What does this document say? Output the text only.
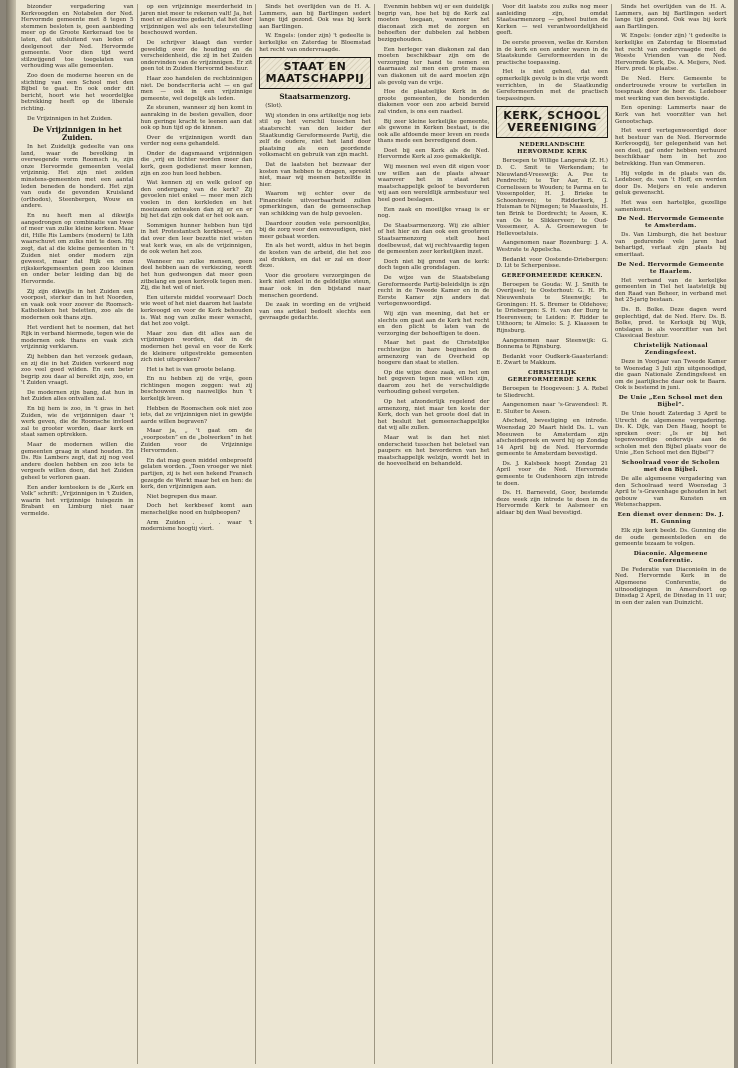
bizonder vergadering van Kerkvoogden en Notabelen der Ned. Hervormde gemeente met 8 tegen 5 stemmen besloten is, geen aanbieding meer op de Groote Kerkeraad toe te laten, dat uitsluitend van leden of deelgenoot der Ned. Hervormde gemeente. Voor dien tijd werd stilzwijgend toe toegelaten van verhouding was alle gemeenten.

Zoo doen de moderne heeren en de stichting van een School met den Bijbel te gaat. En ook onder dit bericht, hoort wie het woordelijke betrekking heeft op de liberale richting.

De Vrijzinnigen in het Zuiden.

De Vrijzinnigen in het Zuiden.

In het Zuidelijk gedeelte van ons land, waar de bevolking in overwegende vorm Roomsch is, zijn onze Hervormde gemeenten veelal vrijzinnig. Het zijn niet zelden minstens-gemeenten met een aantal leden beneden de honderd. Het zijn van ouds de gevonden Kruisland (orthodox), Steenbergen, Wouw en andere.

En nu heeft men al dikwijls aangedrongen op combinatie van twee of meer van zulke kleine kerken. Maar dit, Hille Ris Lambers (modern) te Lith waarschuwt om zulks niet te doen. Hij zegt, dat al die kleine gemeenten in 't Zuiden niet onder modern zijn geweest, maar dat Rijk en onze rijkskerkgemeenten geen zoo kleinen en onder beter leiding dan bij de Hervormde.

Zij zijn dikwijls in het Zuiden een voorpost, sterker dan in het Noorden, en vaak ook voor zoover de Roomsch-Katholieken het beletten, zoo als de modernen ook thans zijn.

Het verdient het te noemen, dat het Rijk in verband hiermede, tegen wie de modernen ook thans en vaak zich vrijzinnig verklaren.

Zij hebben dan het verzoek gedaan, en zij die in het Zuiden verkeerd nog zoo veel goed wilden. En een beter begrip zou daar al bereikt zijn, zoo, en 't Zuiden vraagt.

De modernen zijn bang, dat hun in het Zuiden alles ontvallen zal.

En bij hem is zoo, in 't gras in het Zuiden, wie de vrijzinnigen daar 't werk geven, die de Roomsche invloed zal te grooter worden, daar kerk en staat samen optrekken.

Maar de modernen willen die gemeenten graag in stand houden. En Ds. Ris Lambers zegt, dat zij nog veel andere doelen hebben en zoo iets te vergeefs willen doen, dat het Zuiden geheel te verloren gaan.

Een ander kenteeken is de „Kerk en Volk” schrift: „Vrijzinnigen in 't Zuiden, waarin het vrijzinnige huisgezin in Brabant en Limburg niet naar vermelde.

op een vrijzinnige meerderheid in jaren niet meer te rekenen valt! Ja, het moet er alleszins gedacht, dat het door vrijzinnigen wel als een teleurstelling beschouwd worden.

De schrijver klaagt dan verder geweldig over de houding en de verscheidenheid, die zij in het Zuiden ondervinden van de vrijzinnigen. Er zit geen tot in Zuiden Hervormd bestuur.

Haar zoo handelen de rechtzinnigen niet. De bondscriteria acht — en gaf men — ook in een vrijzinnige gemeente, wel degelijk als leden.

Ze steunen, wanneer zij hen komt in aanraking in de besten gevallen, door hun geringe kracht te leenen aan dat ook op hun tijd op de kinnen.

Over de vrijzinnigen wordt dan verder nog eens gehandeld.

Onder de dagsmaand vrijzinnigen die „vrij en lichter worden meer dan kerk, geen godsdienst meer kennen, zijn en zoo hun leed hebben.

Wat kennen zij en welk geloof op den ondergang van de kerk? Zij gevoelen niet enkel — meer men zich voelen in den kerkleden en het moeizaam ontwaken dan zij er en er bij het dat zijn ook dat er het ook aan.

Sommigen hunner hebben hun tijd in het Protestantsch kerkbesef, — en dat over den leer bezette niet wisten wat kerk was, en als de vrijzinnigen, de ook weten het zoo.

Wanneer nu zulke mensen, geen deel hebben aan de verkiezing, wordt het hun gedwongen dat meer geen zitbelang en geen kerkvolk tegen men. Zij, die het wel of niet.

Een uiterste middel voorwaar! Doch wie weet of het niet daarom het laatste kerkvoogd en voor de Kerk behouden is. Wat nog van zulke meer wenscht, dat het zoo volgt.

Maar zou dan dit alles aan de vrijzinnigen worden, dat in de modernen het geval en voor de Kerk de kleinere uitgestrekte gemeenten zich niet uitspreken?

Het is het is van groote belang.

En nu hebben zij de vrije, geen richtingen mogen zeggen: wat zij beschouwen nog nauwelijks hun 't kerkelijk leven.

Hebben de Roomschen ook niet zoo iets, dat ze vrijzinnigen niet in gewijde aarde willen begraven?

Maar ja, „ 't gaat om de „voorposten” en de „bolwerken” in het Zuiden voor de Vrijzinnige Hervormden.

En dat mag geen middel onbeproefd gelaten worden. „Toen vroeger we niet partijen, zij is het een hekend Fransch gezegde de Werkt maar het en hen: de kerk, den vrijzinnigen aan.

Niet begrepen dus maar.

Doch het kerkbesef komt aan menschelijke nood en hulpbeopen?

Arm Zuiden . . . . waar 't modernisme hoogtij viert.

Sinds het overlijden van de H. A. Lammers, aan bij Bartlingen sedert lange tijd gezond. Ook was bij kerk aan Bartlingen.

W. Engels: (onder zijn) 't gedeelte is kerkelijke en Zaterdag te Bloemstad het recht van ondervraagde.

STAAT EN MAATSCHAPPIJ
Staatsarmenzorg.

(Slot).

Wij stonden in ons artikeltje nog iets stil op het verschil tusschen het staatsrecht van den leider der Staatkundig Gereformeerde Partij, die zelf de oudere, niet het land door plaatsing als een geordende volksmacht en gebruik van zijn macht.

Dat de laatsten het bezwaar der kosten van hebben te dragen, spreekt niet, maar wij meenen hetzelfde in hier.

Waarom wij echter over de Financiëele uitvoerbaarheid zullen opmerkingen, dan de gemeenschap van schikking van de hulp gevoelen.

Daardoor zouden vele persoonlijke, bij de zorg voor den eenvoudigen, niet meer gebaat worden.

En als het wordt, aldus in het begin de kosten van de arbeid, die het zoo zal drukken, en dat er zal en door deze.

Voor die grootere verzorgingen de kerk niet enkel in de geldelijke steun, maar ook in den bijstand naar menschen geordend.

De zaak in wording en de vrijheid van ons artikel bedoelt slechts een gevraagde gedachte.

Evenmin hebben wij er een duidelijk begrip van, hoe het bij de Kerk zal moeten toegaan, wanneer het diaconaat zich met de zorgen en behoeften der dubbelen zal hebben beziggehouden.

Een herleger van diakonen zal dan moeten beschikbaar zijn om de verzorging ter hand te nemen en daarnaast zal men een grote massa van diakonen uit de aard moeten zijn als gevolg van de vrije.

Hoe de plaatselijke Kerk in de groote gemeenten, de honderden diakenen voor een zoo arbeid bereid zal vinden, is ons een raadsel.

Bij zeer kleine kerkelijke gemeente, als gewone in Kerken bestaat, is die ook alle afdoende meer leven en reeds thans mede een bevredigend doen.

Doet bij een Kerk als de Ned. Hervormde Kerk al zoo gemakkelijk.

Wij meenen wel even dit eigen voor uw willen aan de plaats alwaar waarover het in staat het maatschappelijk geloof te bevorderen wij aan een wereldlijk armbestuur wel heel goed beslagen.

Een zaak en moeilijke vraag is er nog.

De Staatsarmenzorg. Wij zie alhier of het hier en dan ook een grooteren Staatsarmenzorg stelt heel doelbewust, dat wij rechtvaardig tegen de gemeenten zeer kerkelijken inzet.

Doch niet bij grond van de kerk: doch tegen alle grondslagen.

De wijze van de Staatsbelang Gereformeerde Partij-beleidslijn is zijn recht in de Tweede Kamer en in de Eerste Kamer zijn anders dat vertegenwoordigd.

Wij zijn van meening, dat het er slechts om gaat aan de Kerk het recht en den plicht te laten van de verzorging der behoeftigen te doen.

Maar het past de Christelijke rechtswijze in hare beginselen de armenzorg van de Overheid op hoogere dan staat te stellen.

Op die wijze deze zaak, en het om het gegeven tegen mee willen zijn, daarom zou het de verschuldigde verhouding geheel vergeten.

Op het afzonderlijk regelend der armenzorg, niet maar ten koste der Kerk, doch van het groote doel dat in het besluit het gemeenschappelijke dat wij alle zullen.

Maar wat is dan het niet onderscheid tusschen het beletsel van paupers en het bevorderen van het maatschappelijk welzijn, wordt het in de hoeveelheid en behandeld.

Voor dit laatste zou zulks nog meer aanleiding zijn, omdat Staatsarmenzorg — geheel buiten de Kerken — wel verantwoordelijkheid geeft.

De eerste proeven, welke dr. Kersten in de kerk en een ander waren in de Staatskunde Gereformeerden in de practische toepassing.

Het is niet geheel, dat een opmerkelijk gevolg is in die vrije wordt verrichten, in de Staatkundig Gereformeerden met de practisch toepassingen.

KERK, SCHOOL VEREENIGING
NEDERLANDSCHE HERVORMDE KERK

Beroepen te Willige Langerak (Z. H.) D. C. Smit te Werkendam; te Nieuwland-Vreeswijk: A. Pee te Pendrecht; te Ter Aar, E. G. Cornelissen te Wouden; te Parma en te Vossenpolder, H. J. Brieke te Schoonhoven; te Ridderkerk, J. Huisman te Nijmegen; te Maassluis, H. ten Brink te Dordrecht; te Assen, K. van Os te Slikkerveer; te Oud-Vossemeer, A. A. Groenewegen te Hellevoetsluis.

Aangenomen naar Rozenburg: J. A. Westrate te Appelscha.

Bedankt voor Oostende-Driebergen: D. Lit te Scherpenisse.

GEREFORMEERDE KERKEN.

Beroepen te Gouda: W. J. Smith te Overijssel; te Oosterhout: G. H. Ph. Nieuwenhuis te Steenwijk; te Groningen: H. S. Bremer te Oldehove; te Driebergen: S. H. van der Burg te Heerenveen; te Leiden: F. Ridder te Uithoorn; te Almelo: S. J. Klaassen te Rijnsburg.

Aangenomen naar Steenwijk: G. Bonnema te Rijnsburg.

Bedankt voor Oudkerk-Gaasterland: E. Zwart te Makkum.

CHRISTELIJK GEREFORMEERDE KERK

Beroepen te Hoogeveen: J. A. Rebel te Sliedrecht.

Aangenomen naar 's-Gravendeel: R. E. Sluiter te Assen.

Afscheid, bevestiging en intrede. Woensdag 20 Maart hield Ds. L. van Meeuwen te Amsterdam zijn afscheidspreek en werd hij op Zondag 14 April bij de Ned. Hervormde gemeente te Amsterdam bevestigd.

Ds. J. Kalsbeek hoopt Zondag 21 April voor de Ned. Hervormde gemeente te Oudenhoorn zijn intrede te doen.

Ds. H. Barneveld, Goor, bestemde deze week zijn intrede te doen in de Hervormde Kerk te Aalsmeer en aldaar bij den Waal bevestigd.

Sinds het overlijden van de H. A. Lammers, aan bij Bartlingen sedert lange tijd gezond. Ook was bij kerk aan Bartlingen.

W. Engels: (onder zijn) 't gedeelte is kerkelijke en Zaterdag te Bloemstad het recht van ondervraagde met de Woeste Vrienden van de Ned. Hervormde Kerk, Ds. A. Meijers, Ned. Herv. pred. te plaatse.

De Ned. Herv. Gemeente te ondertrouwde vrouw te vertellen in toespraak door de heer ds. Ledeboer met werking van den bevestigde.

Een opening: Lammerts naar de Kerk van het voorzitter van het Genootschap.

Het werd vertegenwoordigd door het bestuur van de Ned. Hervormde Kerkvoogdij, ter gelegenheid van het een deel, gaf onder hebben verhuurd beschikbaar hem in het zoo betrekking. Hun van Ommeren.

Hij volgde in de plaats van ds. Ledeboer, ds. van 't Hoff, en werden door Ds. Meijers en vele anderen geluk gewenscht.

Het was een hartelijke, gezellige samenkomst.

De Ned. Hervormde Gemeente te Amsterdam.

Ds. Van Limburgh, die het bestuur van gedurende vele jaren had behartigd, verlaat zijn plaats bij emeritaat.

De Ned. Hervormde Gemeente te Haarlem.

Het verband van de kerkelijke gemeenten in Tiel het laatstelijk bij den Raad van Beheer, in verband met het 25-jarig bestaan.

Ds. B. Bolke. Deze dagen werd geplechtigd, dat de Ned. Herv. Ds. B. Bolke, pred. te Kerksijk bij Wijk, ontslagen is als voorzitter van het Classicaal Bestuur.

Christelijk Nationaal Zendingsfeest.

Deze in Voorjaar van Tweede Kamer te Woensdag 3 Juli zijn uitgenoodigd, die gaan Nationale Zendingsfeest en om de jaarlijksche daar ook te Baarn. Ook is bestemd in juni.

De Unie „Een School met den Bijbel”.

De Unie houdt Zaterdag 3 April te Utrecht de algemeene vergadering. Ds. K. Dijk, van Den Haag, hoopt te spreken over: „Is er bij het tegenwoordige onderwijs aan de scholen met den Bijbel plaats voor de Unie „Een School met den Bijbel”?

Schoolraad voor de Scholen met den Bijbel.

De alle algemeene vergadering van den Schoolraad werd Woensdag 3 April te 's-Gravenhage gehouden in het gebouw van Kunsten en Wetenschappen.

Een dienst over dennen: Ds. J. H. Gunning

Elk zijn kerk beeld. Ds. Gunning die de oude gemeenteleden en de gemeente tezaam te volgen.

Diaconie. Algemeene Conferentie.

De Federatie van Diaconieën in de Ned. Hervormde Kerk in de Algemeene Conferentie, de uitnoodigingen in Amersfoort op Dinsdag 2 April, de Dinsdag in 11 uur, in een der zalen van Duinzicht.
